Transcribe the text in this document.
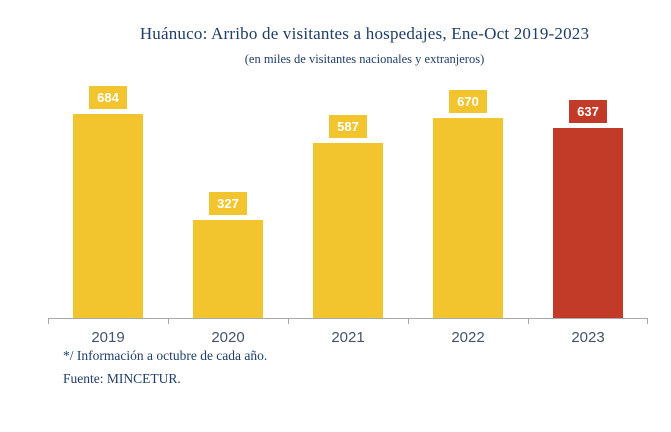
Huánuco: Arribo de visitantes a hospedajes, Ene-Oct 2019-2023
(en miles de visitantes nacionales y extranjeros)
684
327
587
670
637
2019	2020	2021	2022	2023
*/ Información a octubre de cada año.
Fuente: MINCETUR.
